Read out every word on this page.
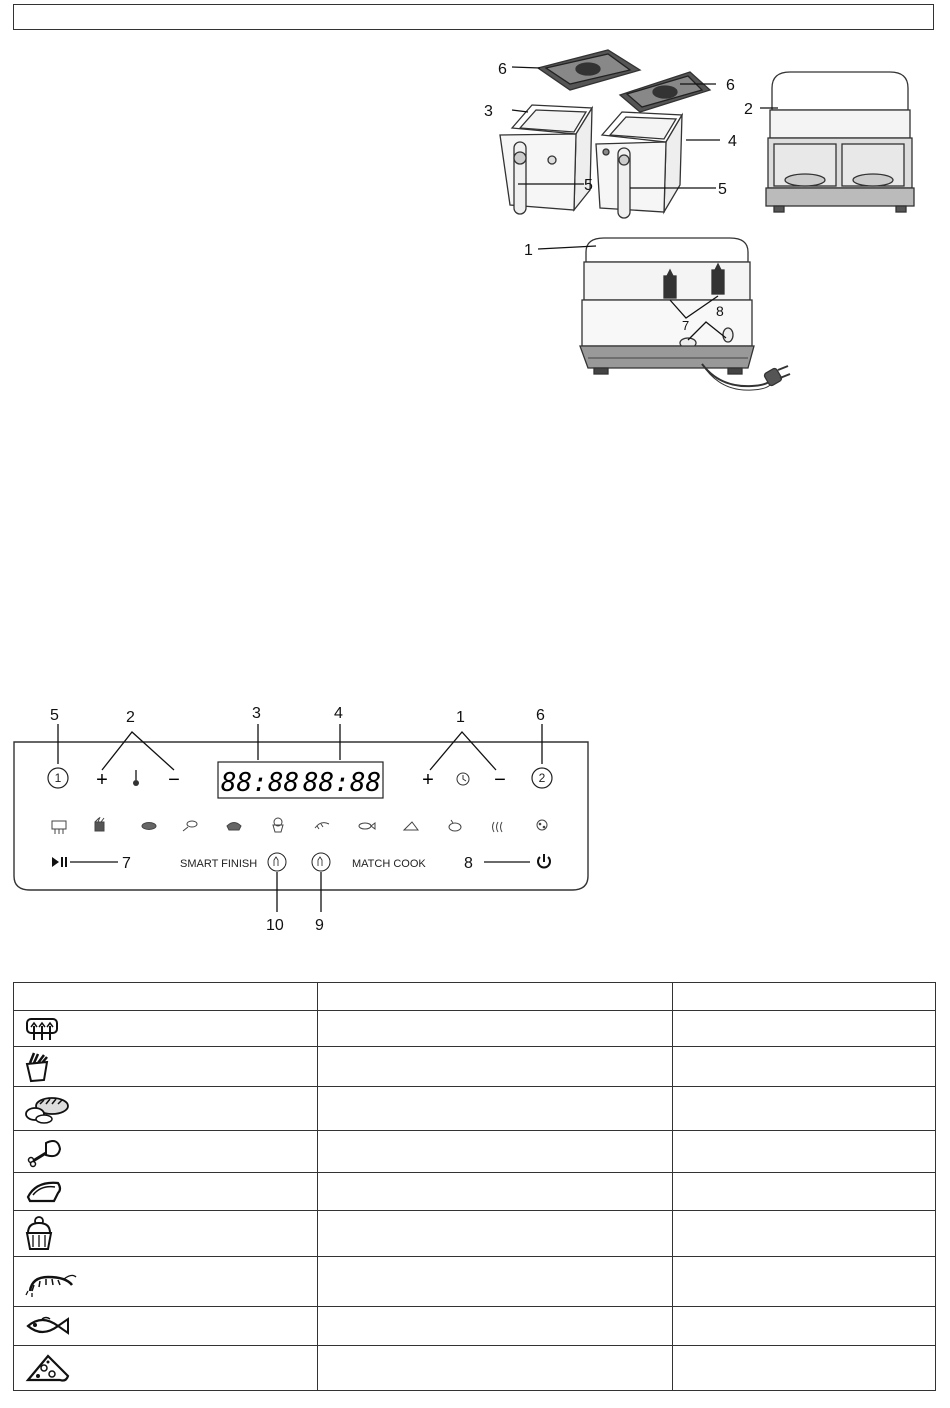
6
6
3
4
5	5
2
1
7
8
5	2	3	4	1	6
7	8
10 9
1 +	− 88:88 88:88 +	−	2
SMART FINISH	MATCH COOK
